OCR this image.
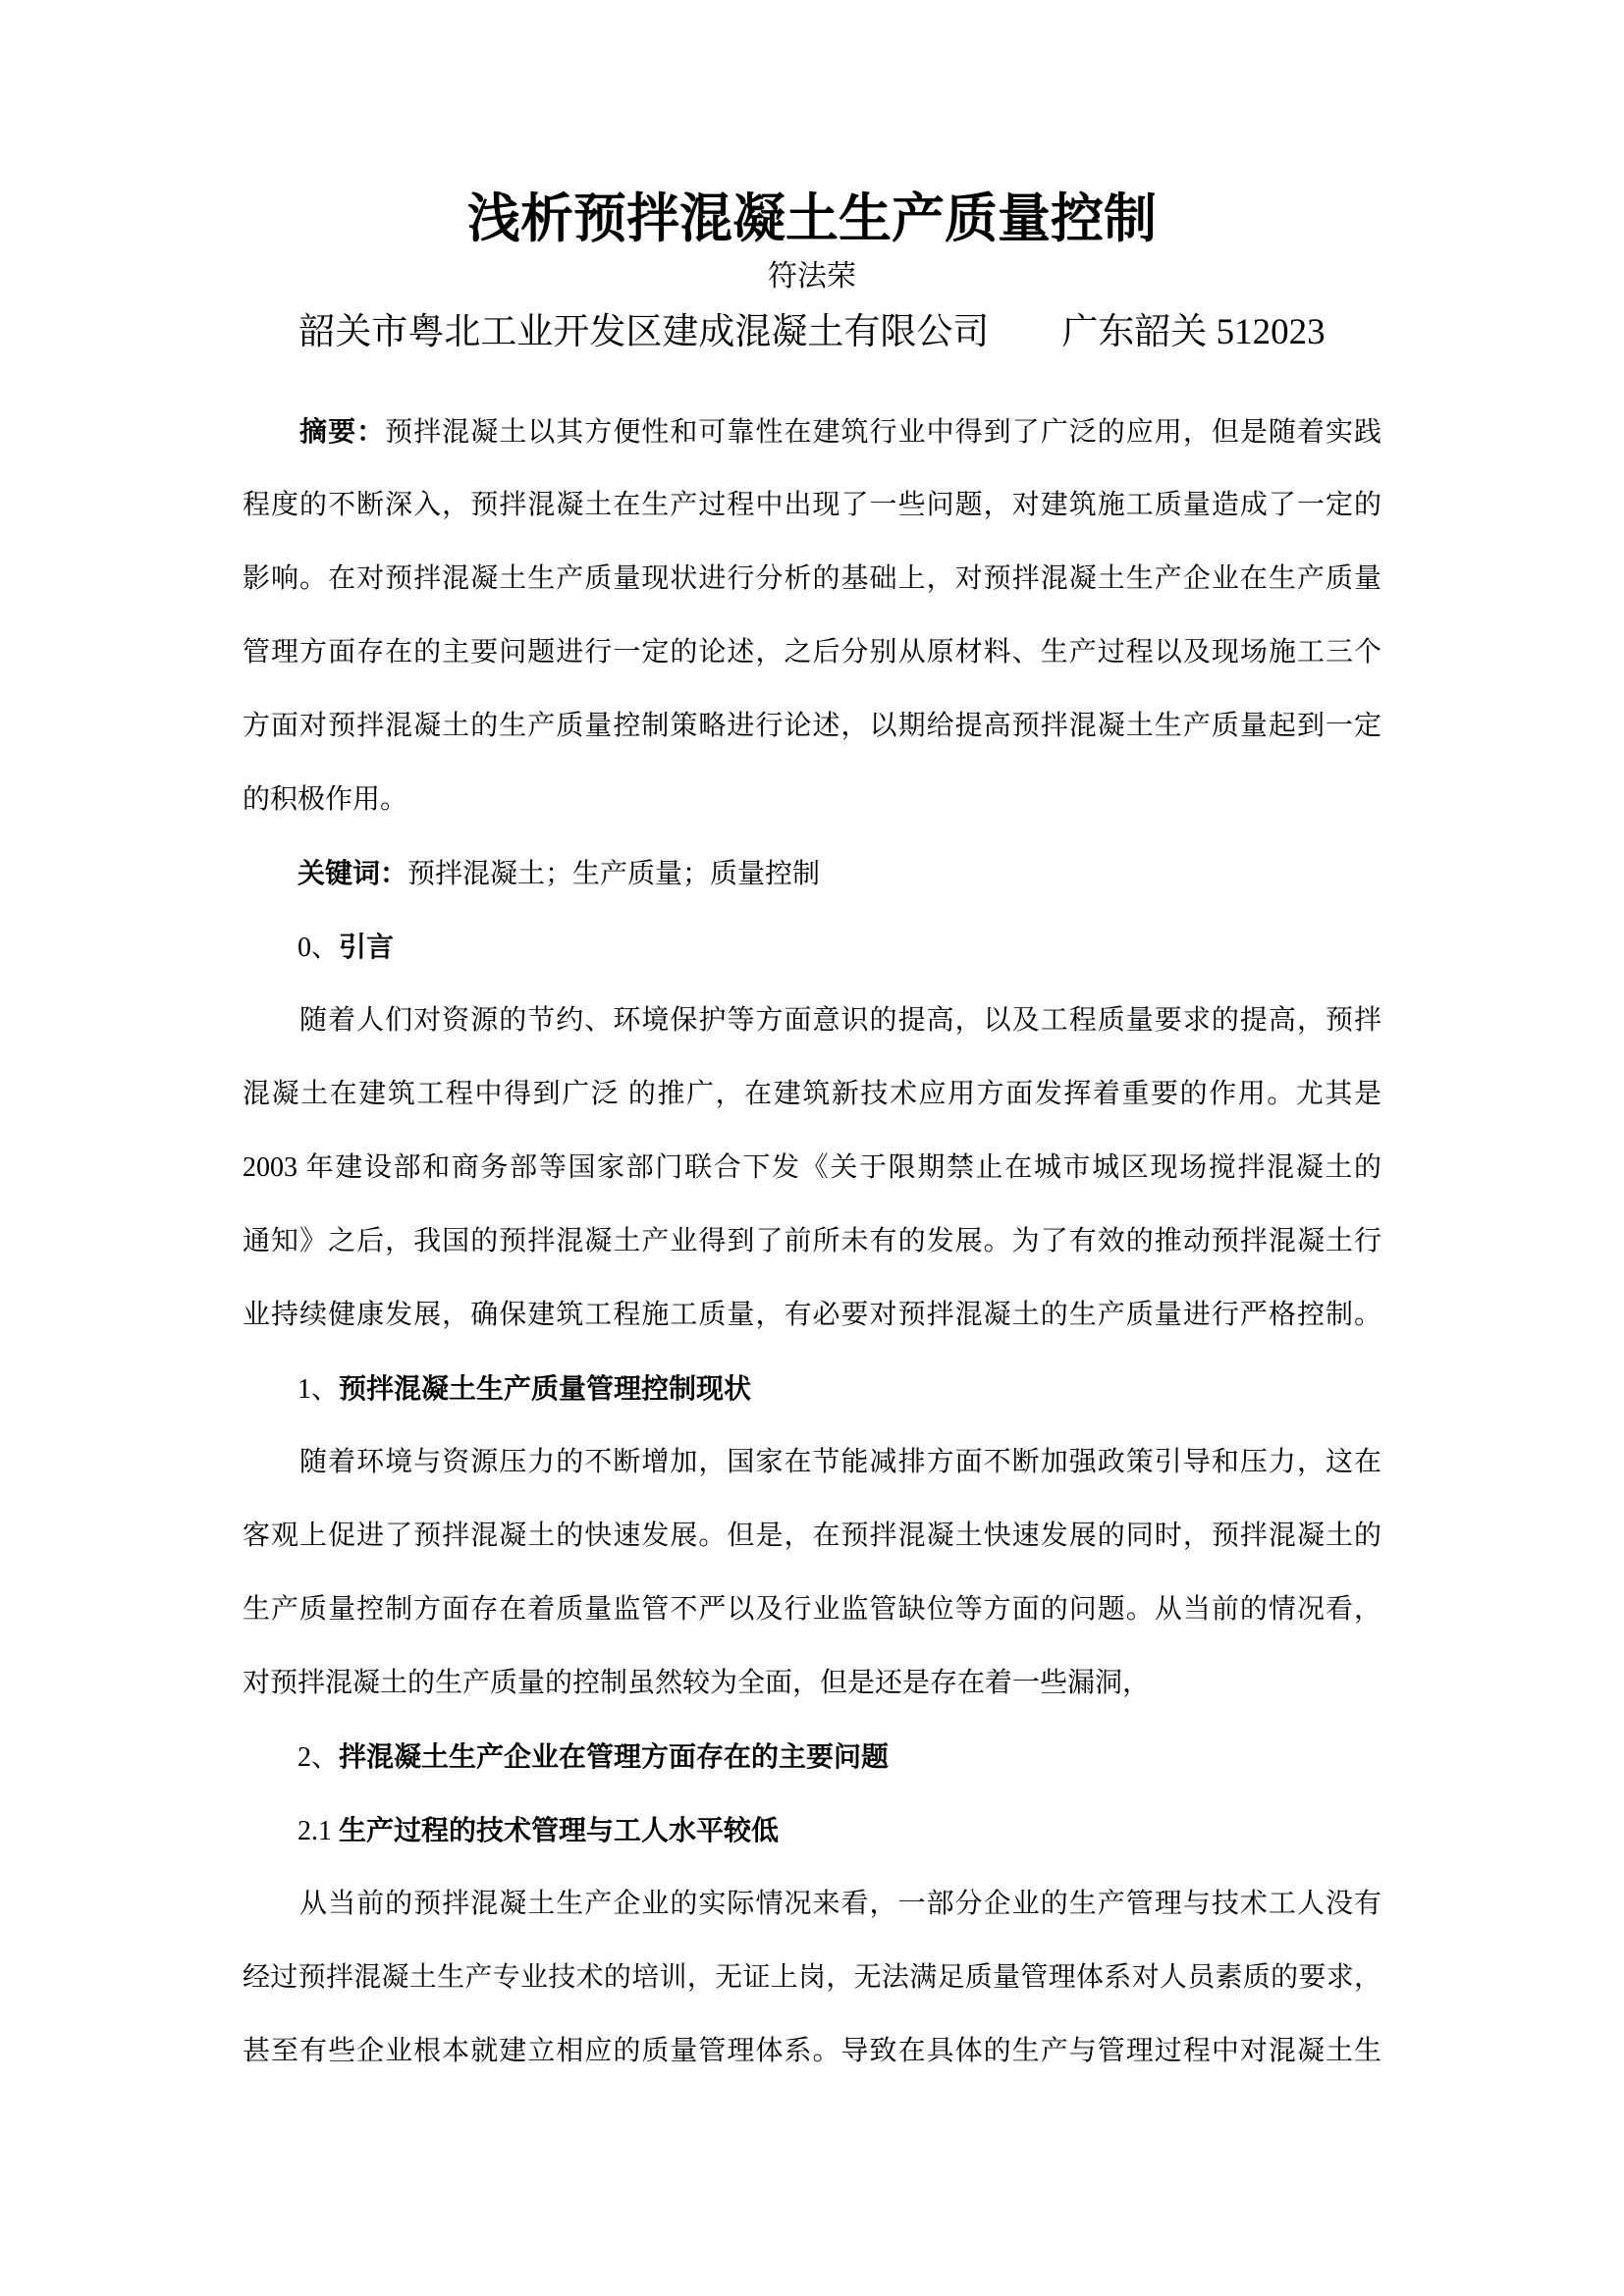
浅析预拌混凝土生产质量控制
符法荣
韶关市粤北工业开发区建成混凝土有限公司　　广东韶关 512023
　　摘要：预拌混凝土以其方便性和可靠性在建筑行业中得到了广泛的应用，但是随着实践
程度的不断深入，预拌混凝土在生产过程中出现了一些问题，对建筑施工质量造成了一定的
影响。在对预拌混凝土生产质量现状进行分析的基础上，对预拌混凝土生产企业在生产质量
管理方面存在的主要问题进行一定的论述，之后分别从原材料、生产过程以及现场施工三个
方面对预拌混凝土的生产质量控制策略进行论述，以期给提高预拌混凝土生产质量起到一定
的积极作用。
　　关键词：预拌混凝土；生产质量；质量控制
　　0、引言
　　随着人们对资源的节约、环境保护等方面意识的提高，以及工程质量要求的提高，预拌
混凝土在建筑工程中得到广泛 的推广，在建筑新技术应用方面发挥着重要的作用。尤其是
2003 年建设部和商务部等国家部门联合下发《关于限期禁止在城市城区现场搅拌混凝土的
通知》之后，我国的预拌混凝土产业得到了前所未有的发展。为了有效的推动预拌混凝土行
业持续健康发展，确保建筑工程施工质量，有必要对预拌混凝土的生产质量进行严格控制。
　　1、预拌混凝土生产质量管理控制现状
　　随着环境与资源压力的不断增加，国家在节能减排方面不断加强政策引导和压力，这在
客观上促进了预拌混凝土的快速发展。但是，在预拌混凝土快速发展的同时，预拌混凝土的
生产质量控制方面存在着质量监管不严以及行业监管缺位等方面的问题。从当前的情况看，
对预拌混凝土的生产质量的控制虽然较为全面，但是还是存在着一些漏洞，
　　2、拌混凝土生产企业在管理方面存在的主要问题
　　2.1 生产过程的技术管理与工人水平较低
　　从当前的预拌混凝土生产企业的实际情况来看，一部分企业的生产管理与技术工人没有
经过预拌混凝土生产专业技术的培训，无证上岗，无法满足质量管理体系对人员素质的要求，
甚至有些企业根本就建立相应的质量管理体系。导致在具体的生产与管理过程中对混凝土生
